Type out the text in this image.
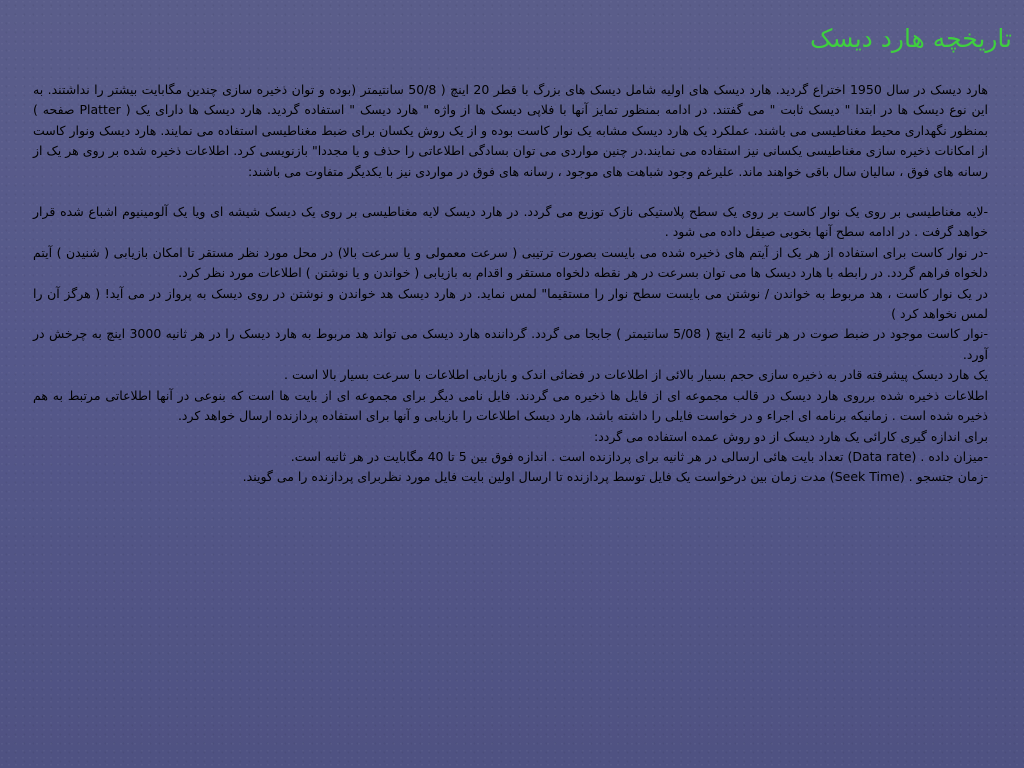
تاریخچه هارد دیسک

هارد دیسک در سال 1950 اختراع گردید. هارد دیسک های اولیه شامل دیسک های بزرگ با قطر 20 اینچ ( 50/8 سانتیمتر (بوده و توان ذخیره سازی چندین مگابایت بیشتر را نداشتند. به این نوع دیسک ها در ابتدا " دیسک ثابت " می گفتند. در ادامه بمنظور تمایز آنها با فلاپی دیسک ها از واژه " هارد دیسک " استفاده گردید. هارد دیسک ها دارای یک ( Platter صفحه ) بمنظور نگهداری محیط مغناطیسی می باشند. عملکرد یک هارد دیسک مشابه یک نوار کاست بوده و از یک روش یکسان برای ضبط مغناطیسی استفاده می نمایند. هارد دیسک ونوار کاست از امکانات ذخیره سازی مغناطیسی یکسانی نیز استفاده می نمایند.در چنین مواردی می توان بسادگی اطلاعاتی را حذف و یا مجددا" بازنویسی کرد. اطلاعات ذخیره شده بر روی هر یک از رسانه های فوق ، سالیان سال باقی خواهند ماند. علیرغم وجود شباهت های موجود ، رسانه های فوق در مواردی نیز با یکدیگر متفاوت می باشند:

-لایه مغناطیسی بر روی یک نوار کاست بر روی یک سطح پلاستیکی نازک توزیع می گردد. در هارد دیسک لایه مغناطیسی بر روی یک دیسک شیشه ای ویا یک آلومینیوم اشباع شده قرار خواهد گرفت . در ادامه سطح آنها بخوبی صیقل داده می شود .

-در نوار کاست برای استفاده از هر یک از آیتم های ذخیره شده می بایست بصورت ترتیبی ( سرعت معمولی و یا سرعت بالا) در محل مورد نظر مستقر تا امکان بازیابی ( شنیدن ) آیتم دلخواه فراهم گردد. در رابطه با هارد دیسک ها می توان بسرعت در هر نقطه دلخواه مستقر و اقدام به بازیابی ( خواندن و یا نوشتن ) اطلاعات مورد نظر کرد.

در یک نوار کاست ، هد مربوط به خواندن / نوشتن می بایست سطح نوار را مستقیما" لمس نماید. در هارد دیسک هد خواندن و نوشتن در روی دیسک به پرواز در می آید! ( هرگز آن را لمس نخواهد کرد )

-نوار کاست موجود در ضبط صوت در هر ثانیه 2 اینچ ( 5/08 سانتیمتر ) جابجا می گردد. گرداننده هارد دیسک می تواند هد مربوط به هارد دیسک را در هر ثانیه 3000 اینچ به چرخش در آورد.

یک هارد دیسک پیشرفته قادر به ذخیره سازی حجم بسیار بالائی از اطلاعات در فضائی اندک و بازیابی اطلاعات با سرعت بسیار بالا است .

اطلاعات ذخیره شده برروی هارد دیسک در قالب مجموعه ای از فایل ها ذخیره می گردند. فایل نامی دیگر برای مجموعه ای از بایت ها است که بنوعی در آنها اطلاعاتی مرتبط به هم ذخیره شده است . زمانیکه برنامه ای اجراء و در خواست فایلی را داشته باشد، هارد دیسک اطلاعات را بازیابی و آنها برای استفاده پردازنده ارسال خواهد کرد.

برای اندازه گیری کارائی یک هارد دیسک از دو روش عمده استفاده می گردد:

-میزان داده . (Data rate) تعداد بایت هائی ارسالی در هر ثانیه برای پردازنده است . اندازه فوق بین 5 تا 40 مگابایت در هر ثانیه است.

-زمان جتسجو . (Seek Time) مدت زمان بین درخواست یک فایل توسط پردازنده تا ارسال اولین بایت فایل مورد نظربرای پردازنده را می گویند.
